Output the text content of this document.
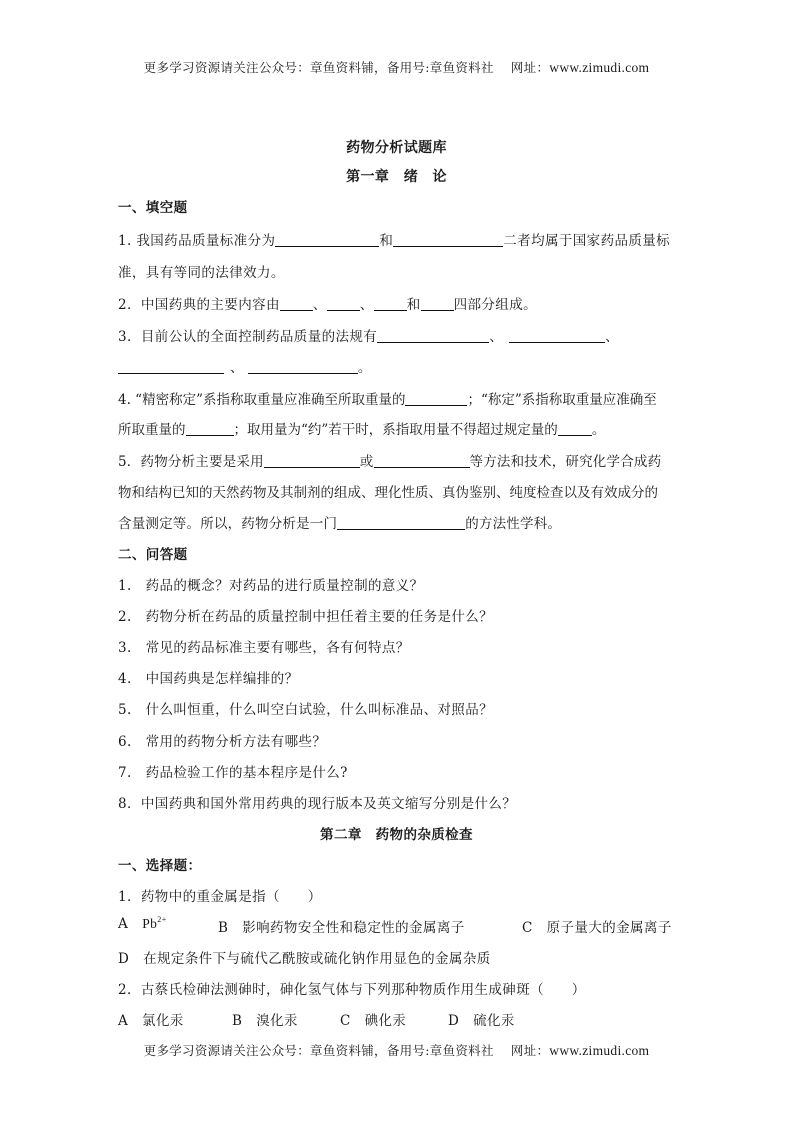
更多学习资源请关注公众号：章鱼资料铺，备用号:章鱼资料社 网址：www.zimudi.com
药物分析试题库
第一章　绪　论
一、填空题
1. 我国药品质量标准分为	和	二者均属于国家药品质量标
准，具有等同的法律效力。
2．中国药典的主要内容由 、 、 和 四部分组成。
3．目前公认的全面控制药品质量的法规有	、	、
、	。
4. “精密称定”系指称取重量应准确至所取重量的	；“称定”系指称取重量应准确至
所取重量的	；取用量为“约”若干时，系指取用量不得超过规定量的	。
5．药物分析主要是采用	或	等方法和技术，研究化学合成药
物和结构已知的天然药物及其制剂的组成、理化性质、真伪鉴别、纯度检查以及有效成分的
含量测定等。所以，药物分析是一门	的方法性学科。
二、问答题
1.　药品的概念？对药品的进行质量控制的意义？
2.　药物分析在药品的质量控制中担任着主要的任务是什么？
3.　常见的药品标准主要有哪些，各有何特点？
4.　中国药典是怎样编排的？
5.　什么叫恒重，什么叫空白试验，什么叫标准品、对照品？
6.　常用的药物分析方法有哪些？
7.　药品检验工作的基本程序是什么?
8．中国药典和国外常用药典的现行版本及英文缩写分别是什么？
第二章　药物的杂质检查
一、选择题：
1．药物中的重金属是指（　　）
A $Pb^{2+}$
B　影响药物安全性和稳定性的金属离子	C　原子量大的金属离子
D　在规定条件下与硫代乙酰胺或硫化钠作用显色的金属杂质
2．古蔡氏检砷法测砷时，砷化氢气体与下列那种物质作用生成砷斑（　　）
A　氯化汞	B　溴化汞	C　碘化汞	D　硫化汞
更多学习资源请关注公众号：章鱼资料铺，备用号:章鱼资料社 网址：www.zimudi.com
